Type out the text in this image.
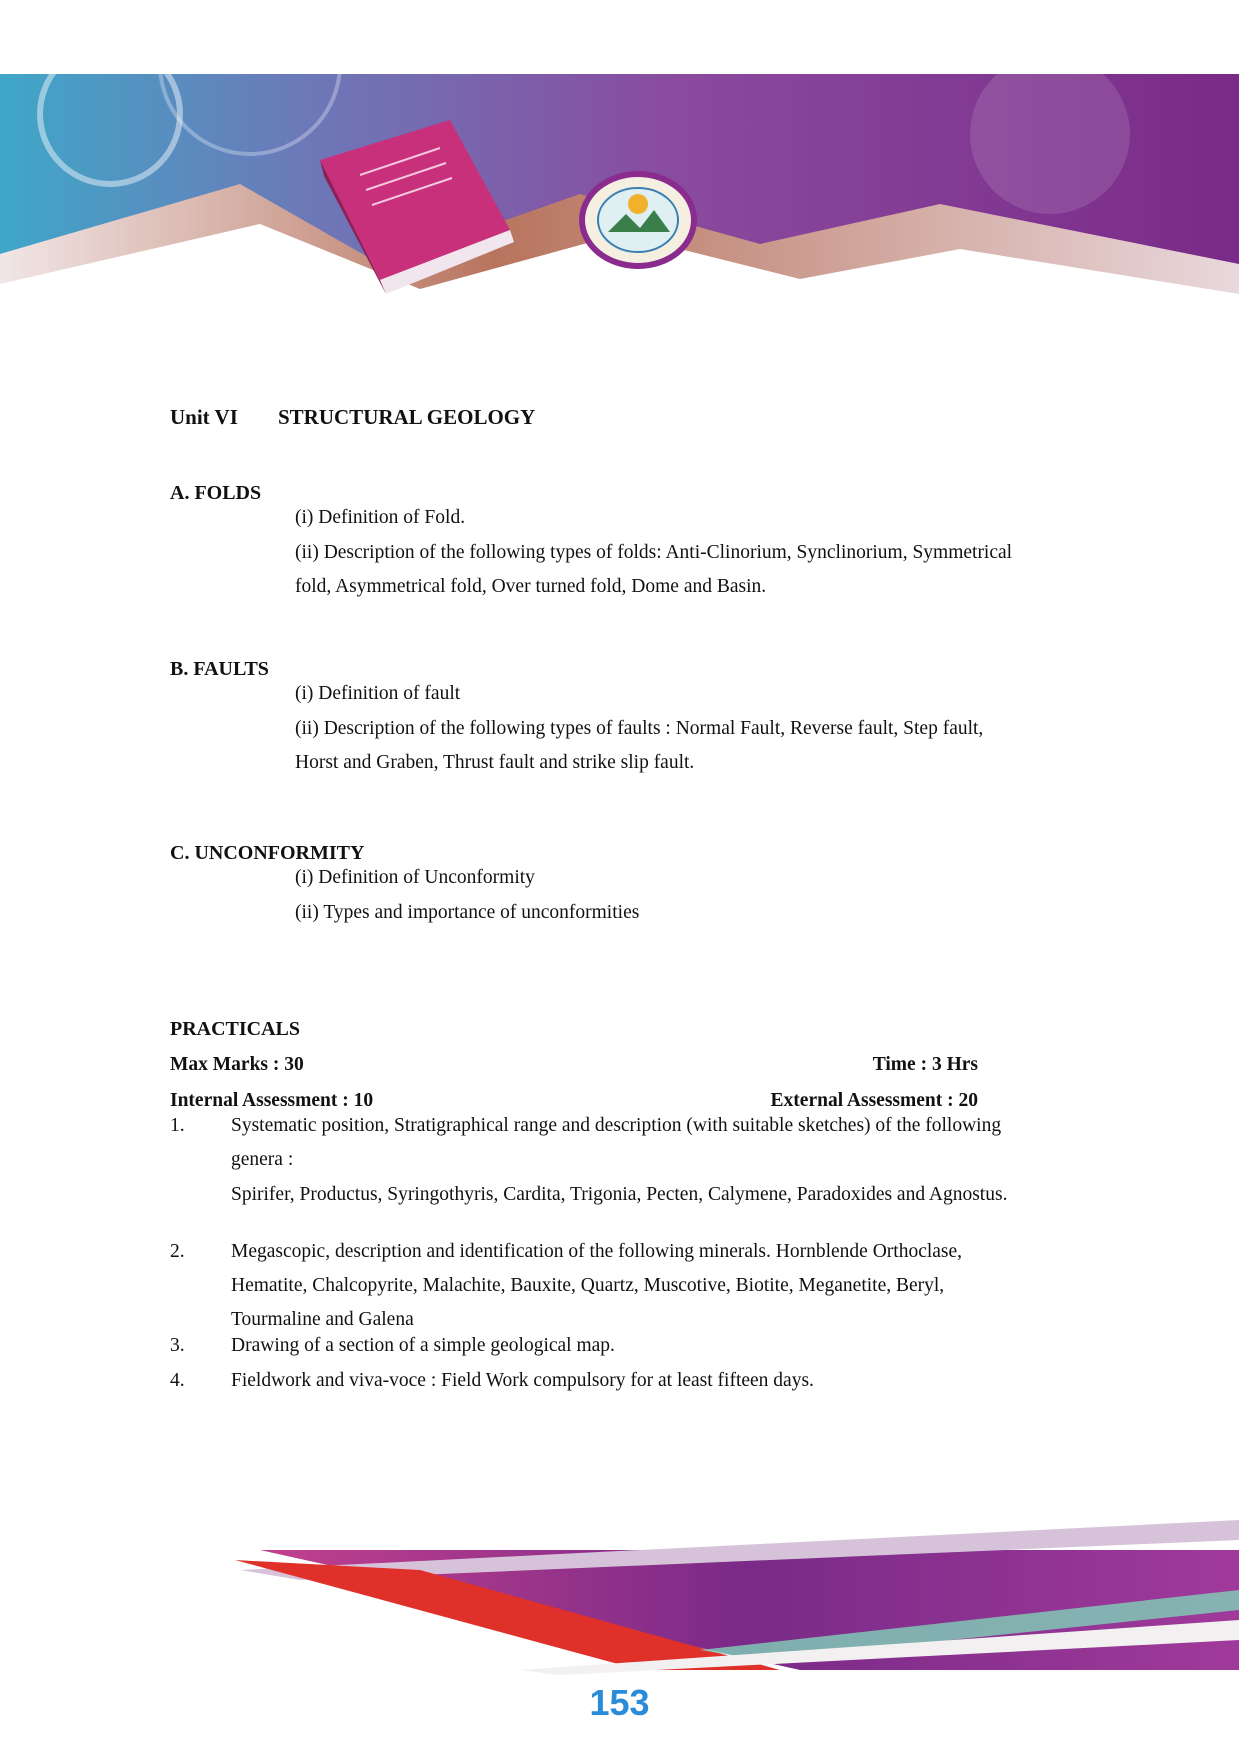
Unit VI STRUCTURAL GEOLOGY
A. FOLDS
(i) Definition of Fold.
(ii) Description of the following types of folds: Anti-Clinorium, Synclinorium, Symmetrical fold, Asymmetrical fold, Over turned fold, Dome and Basin.
B. FAULTS
(i) Definition of fault
(ii) Description of the following types of faults : Normal Fault, Reverse fault, Step fault, Horst and Graben, Thrust fault and strike slip fault.
C. UNCONFORMITY
(i) Definition of Unconformity
(ii) Types and importance of unconformities
PRACTICALS
Max Marks : 30	Time : 3 Hrs
Internal Assessment : 10	External Assessment : 20
1. Systematic position, Stratigraphical range and description (with suitable sketches) of the following genera :
Spirifer, Productus, Syringothyris, Cardita, Trigonia, Pecten, Calymene, Paradoxides and Agnostus.
2. Megascopic, description and identification of the following minerals. Hornblende Orthoclase, Hematite, Chalcopyrite, Malachite, Bauxite, Quartz, Muscotive, Biotite, Meganetite, Beryl, Tourmaline and Galena
3. Drawing of a section of a simple geological map.
4. Fieldwork and viva-voce : Field Work compulsory for at least fifteen days.
153
